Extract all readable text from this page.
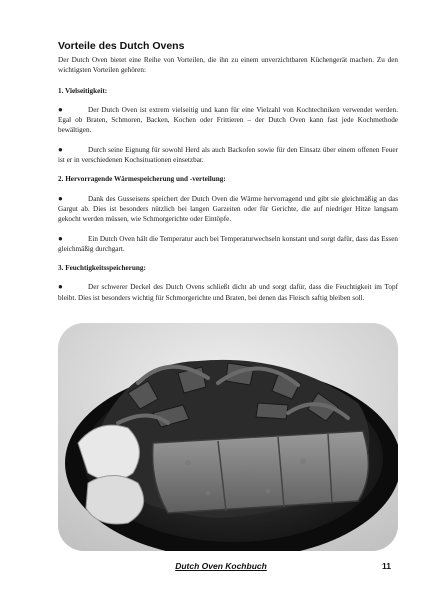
Vorteile des Dutch Ovens

Der Dutch Oven bietet eine Reihe von Vorteilen, die ihn zu einem unverzichtbaren Küchengerät machen. Zu den wichtigsten Vorteilen gehören:

1. Vielseitigkeit:

●	Der Dutch Oven ist extrem vielseitig und kann für eine Vielzahl von Kochtechniken verwendet werden. Egal ob Braten, Schmoren, Backen, Kochen oder Frittieren – der Dutch Oven kann fast jede Kochmethode bewältigen.

●	Durch seine Eignung für sowohl Herd als auch Backofen sowie für den Einsatz über einem offenen Feuer ist er in verschiedenen Kochsituationen einsetzbar.

2. Hervorragende Wärmespeicherung und -verteilung:

●	Dank des Gusseisens speichert der Dutch Oven die Wärme hervorragend und gibt sie gleichmäßig an das Gargut ab. Dies ist besonders nützlich bei langen Garzeiten oder für Gerichte, die auf niedriger Hitze langsam gekocht werden müssen, wie Schmorgerichte oder Eintöpfe.

●	Ein Dutch Oven hält die Temperatur auch bei Temperaturwechseln konstant und sorgt dafür, dass das Essen gleichmäßig durchgart.

3. Feuchtigkeitsspeicherung:

●	Der schwerer Deckel des Dutch Ovens schließt dicht ab und sorgt dafür, dass die Feuchtigkeit im Topf bleibt. Dies ist besonders wichtig für Schmorgerichte und Braten, bei denen das Fleisch saftig bleiben soll.

Dutch Oven Kochbuch	11
